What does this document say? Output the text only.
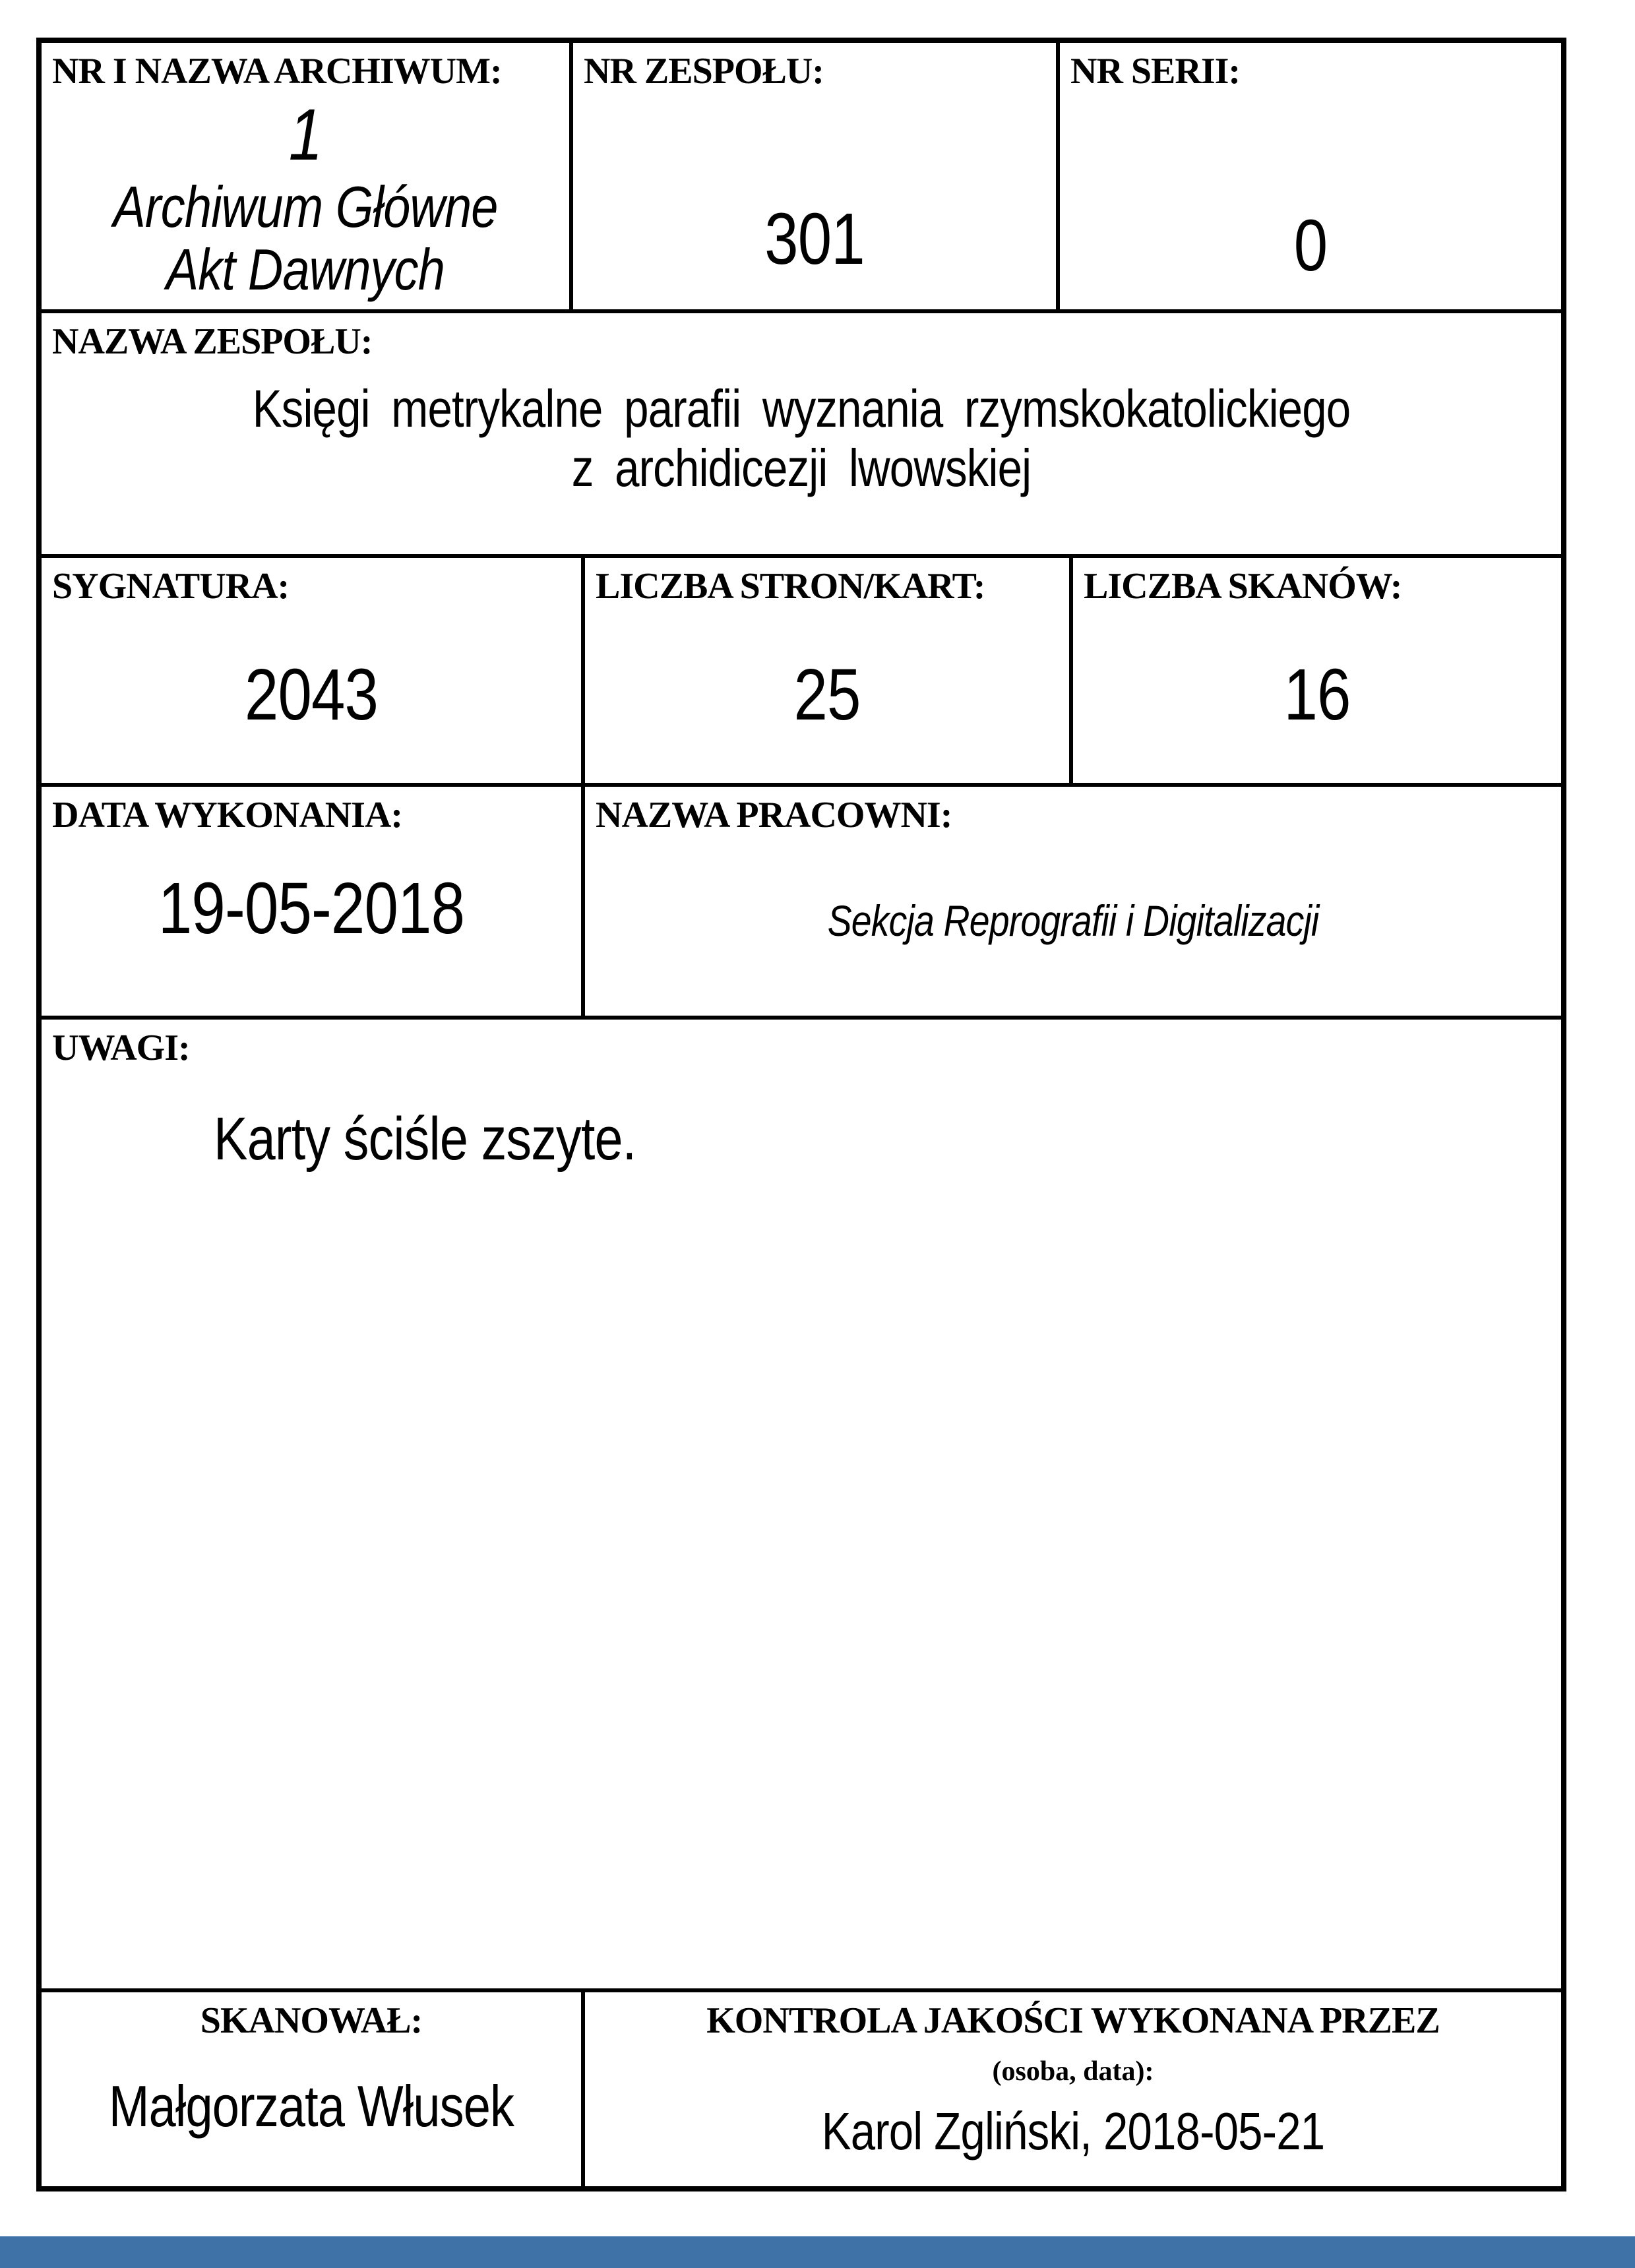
NR I NAZWA ARCHIWUM:
1
Archiwum Główne
Akt Dawnych
NR ZESPOŁU:
301
NR SERII:
0
NAZWA ZESPOŁU:
Księgi metrykalne parafii wyznania rzymskokatolickiego
z archidicezji lwowskiej
SYGNATURA:
2043
LICZBA STRON/KART:
25
LICZBA SKANÓW:
16
DATA WYKONANIA:
19-05-2018
NAZWA PRACOWNI:
Sekcja Reprografii i Digitalizacji
UWAGI:
Karty ściśle zszyte.
SKANOWAŁ:
Małgorzata Włusek
KONTROLA JAKOŚCI WYKONANA PRZEZ
(osoba, data):
Karol Zgliński, 2018-05-21
